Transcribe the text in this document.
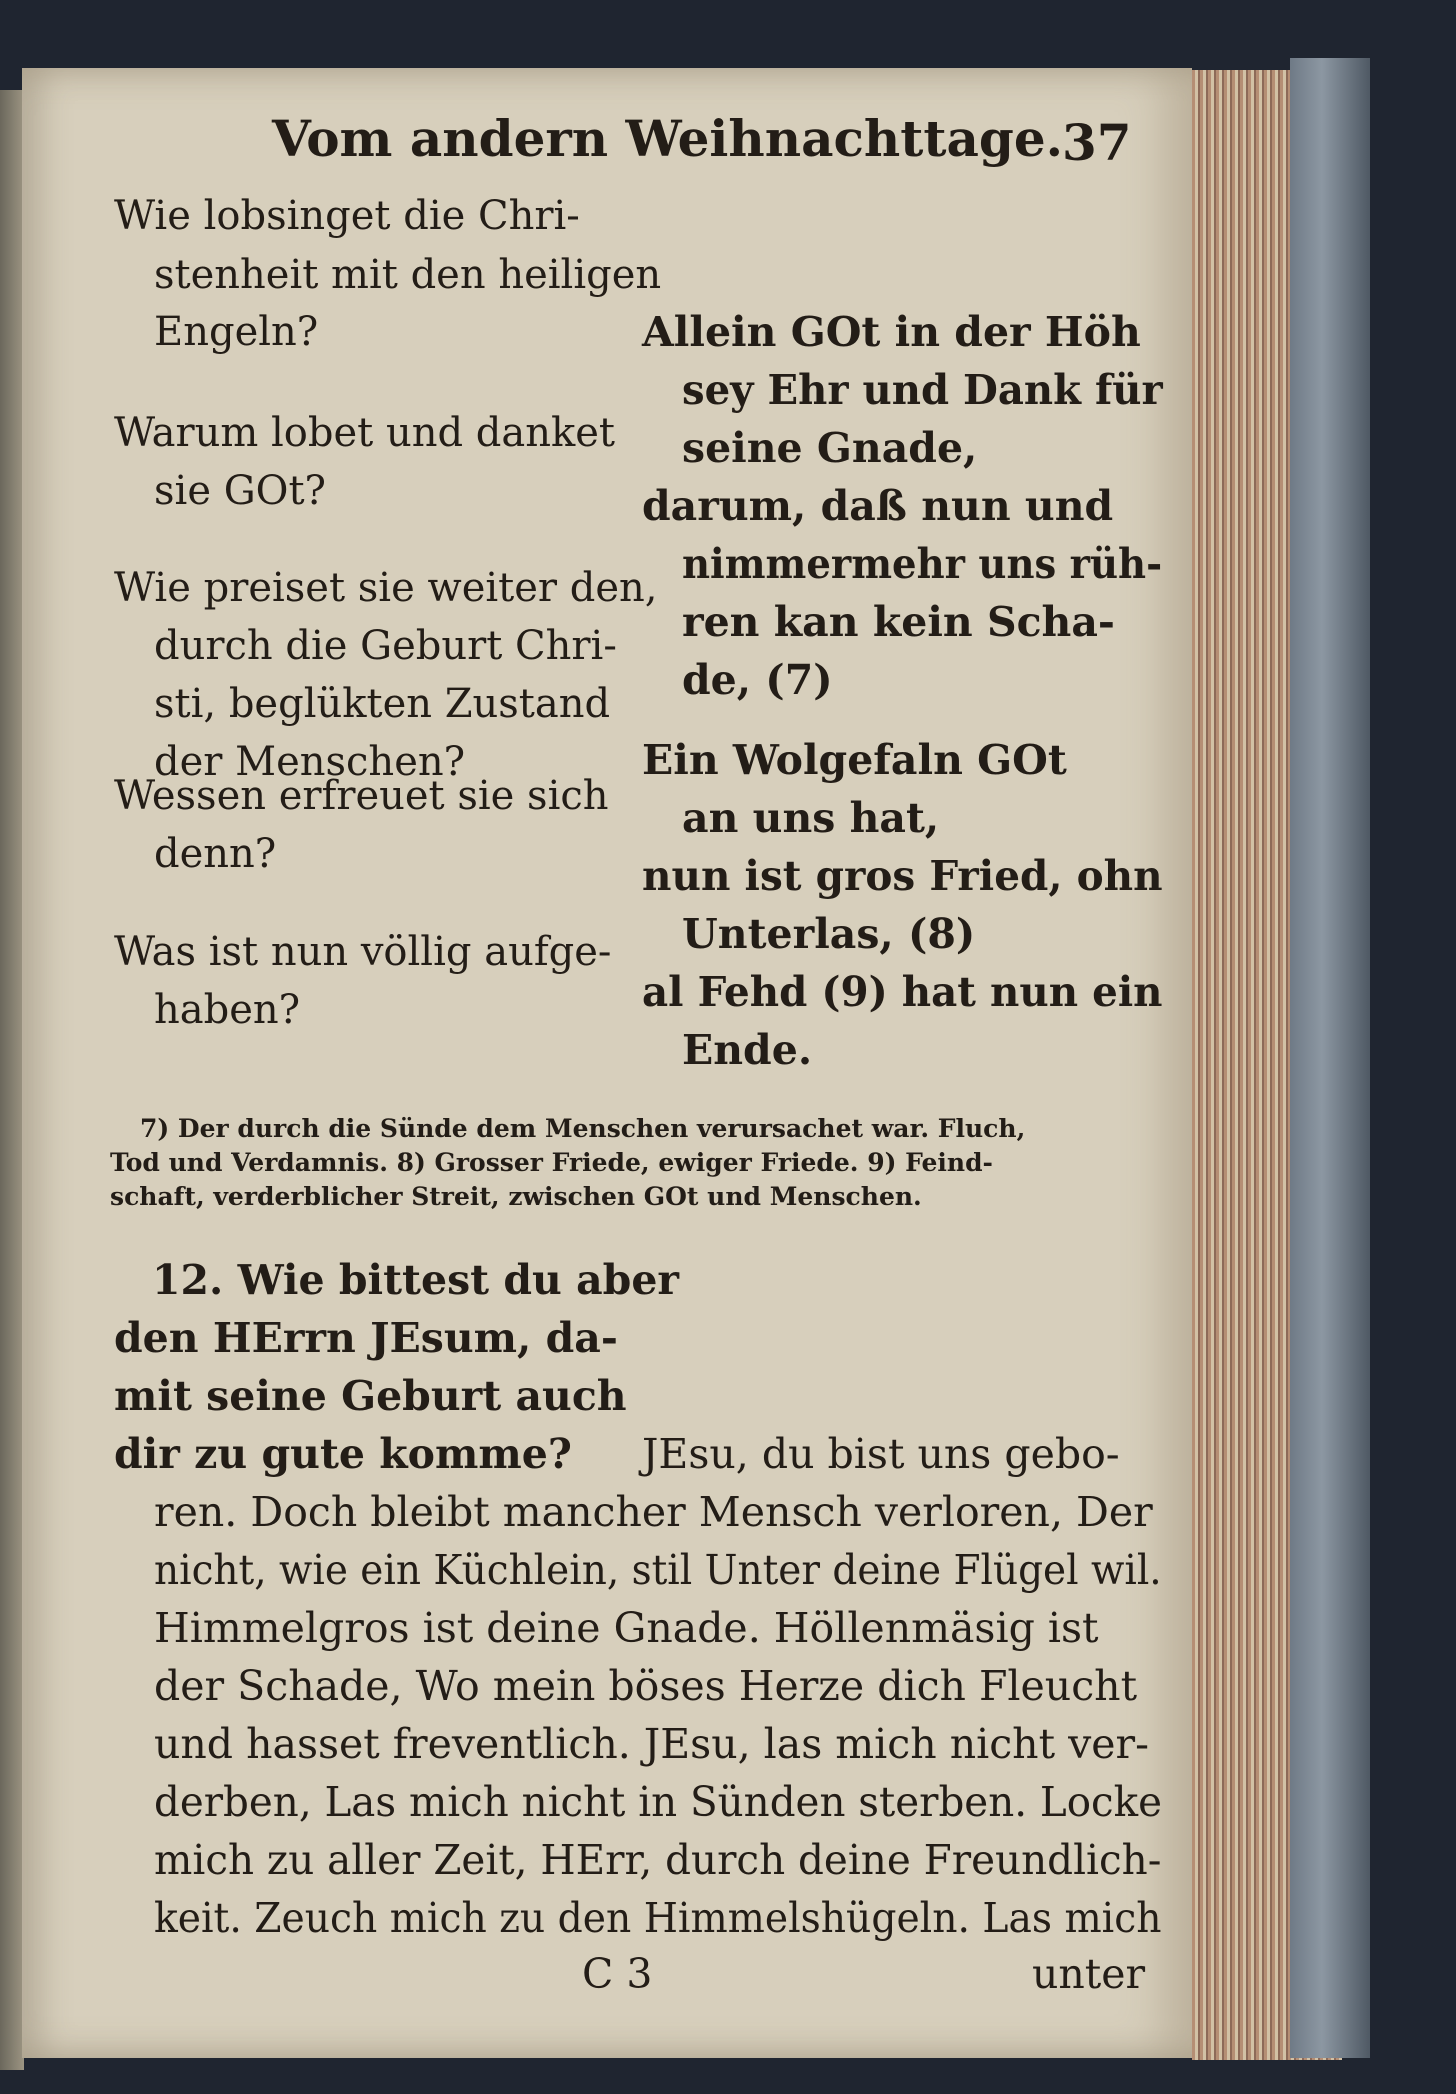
Vom andern Weihnachttage.
37
Wie lobsinget die Chri-
stenheit mit den heiligen
Engeln?
Warum lobet und danket
sie GOt?
Wie preiset sie weiter den,
durch die Geburt Chri-
sti, beglükten Zustand
der Menschen?
Wessen erfreuet sie sich
denn?
Was ist nun völlig aufge-
haben?
Allein GOt in der Höh
sey Ehr und Dank für
seine Gnade,
darum, daß nun und
nimmermehr uns rüh-
ren kan kein Scha-
de, (7)
Ein Wolgefaln GOt
an uns hat,
nun ist gros Fried, ohn
Unterlas, (8)
al Fehd (9) hat nun ein
Ende.
7) Der durch die Sünde dem Menschen verursachet war. Fluch,
Tod und Verdamnis. 8) Grosser Friede, ewiger Friede. 9) Feind-
schaft, verderblicher Streit, zwischen GOt und Menschen.
12. Wie bittest du aber
den HErrn JEsum, da-
mit seine Geburt auch
dir zu gute komme? JEsu, du bist uns gebo-
ren. Doch bleibt mancher Mensch verloren, Der
nicht, wie ein Küchlein, stil Unter deine Flügel wil.
Himmelgros ist deine Gnade. Höllenmäsig ist
der Schade, Wo mein böses Herze dich Fleucht
und hasset freventlich. JEsu, las mich nicht ver-
derben, Las mich nicht in Sünden sterben. Locke
mich zu aller Zeit, HErr, durch deine Freundlich-
keit. Zeuch mich zu den Himmelshügeln. Las mich
C 3	unter
